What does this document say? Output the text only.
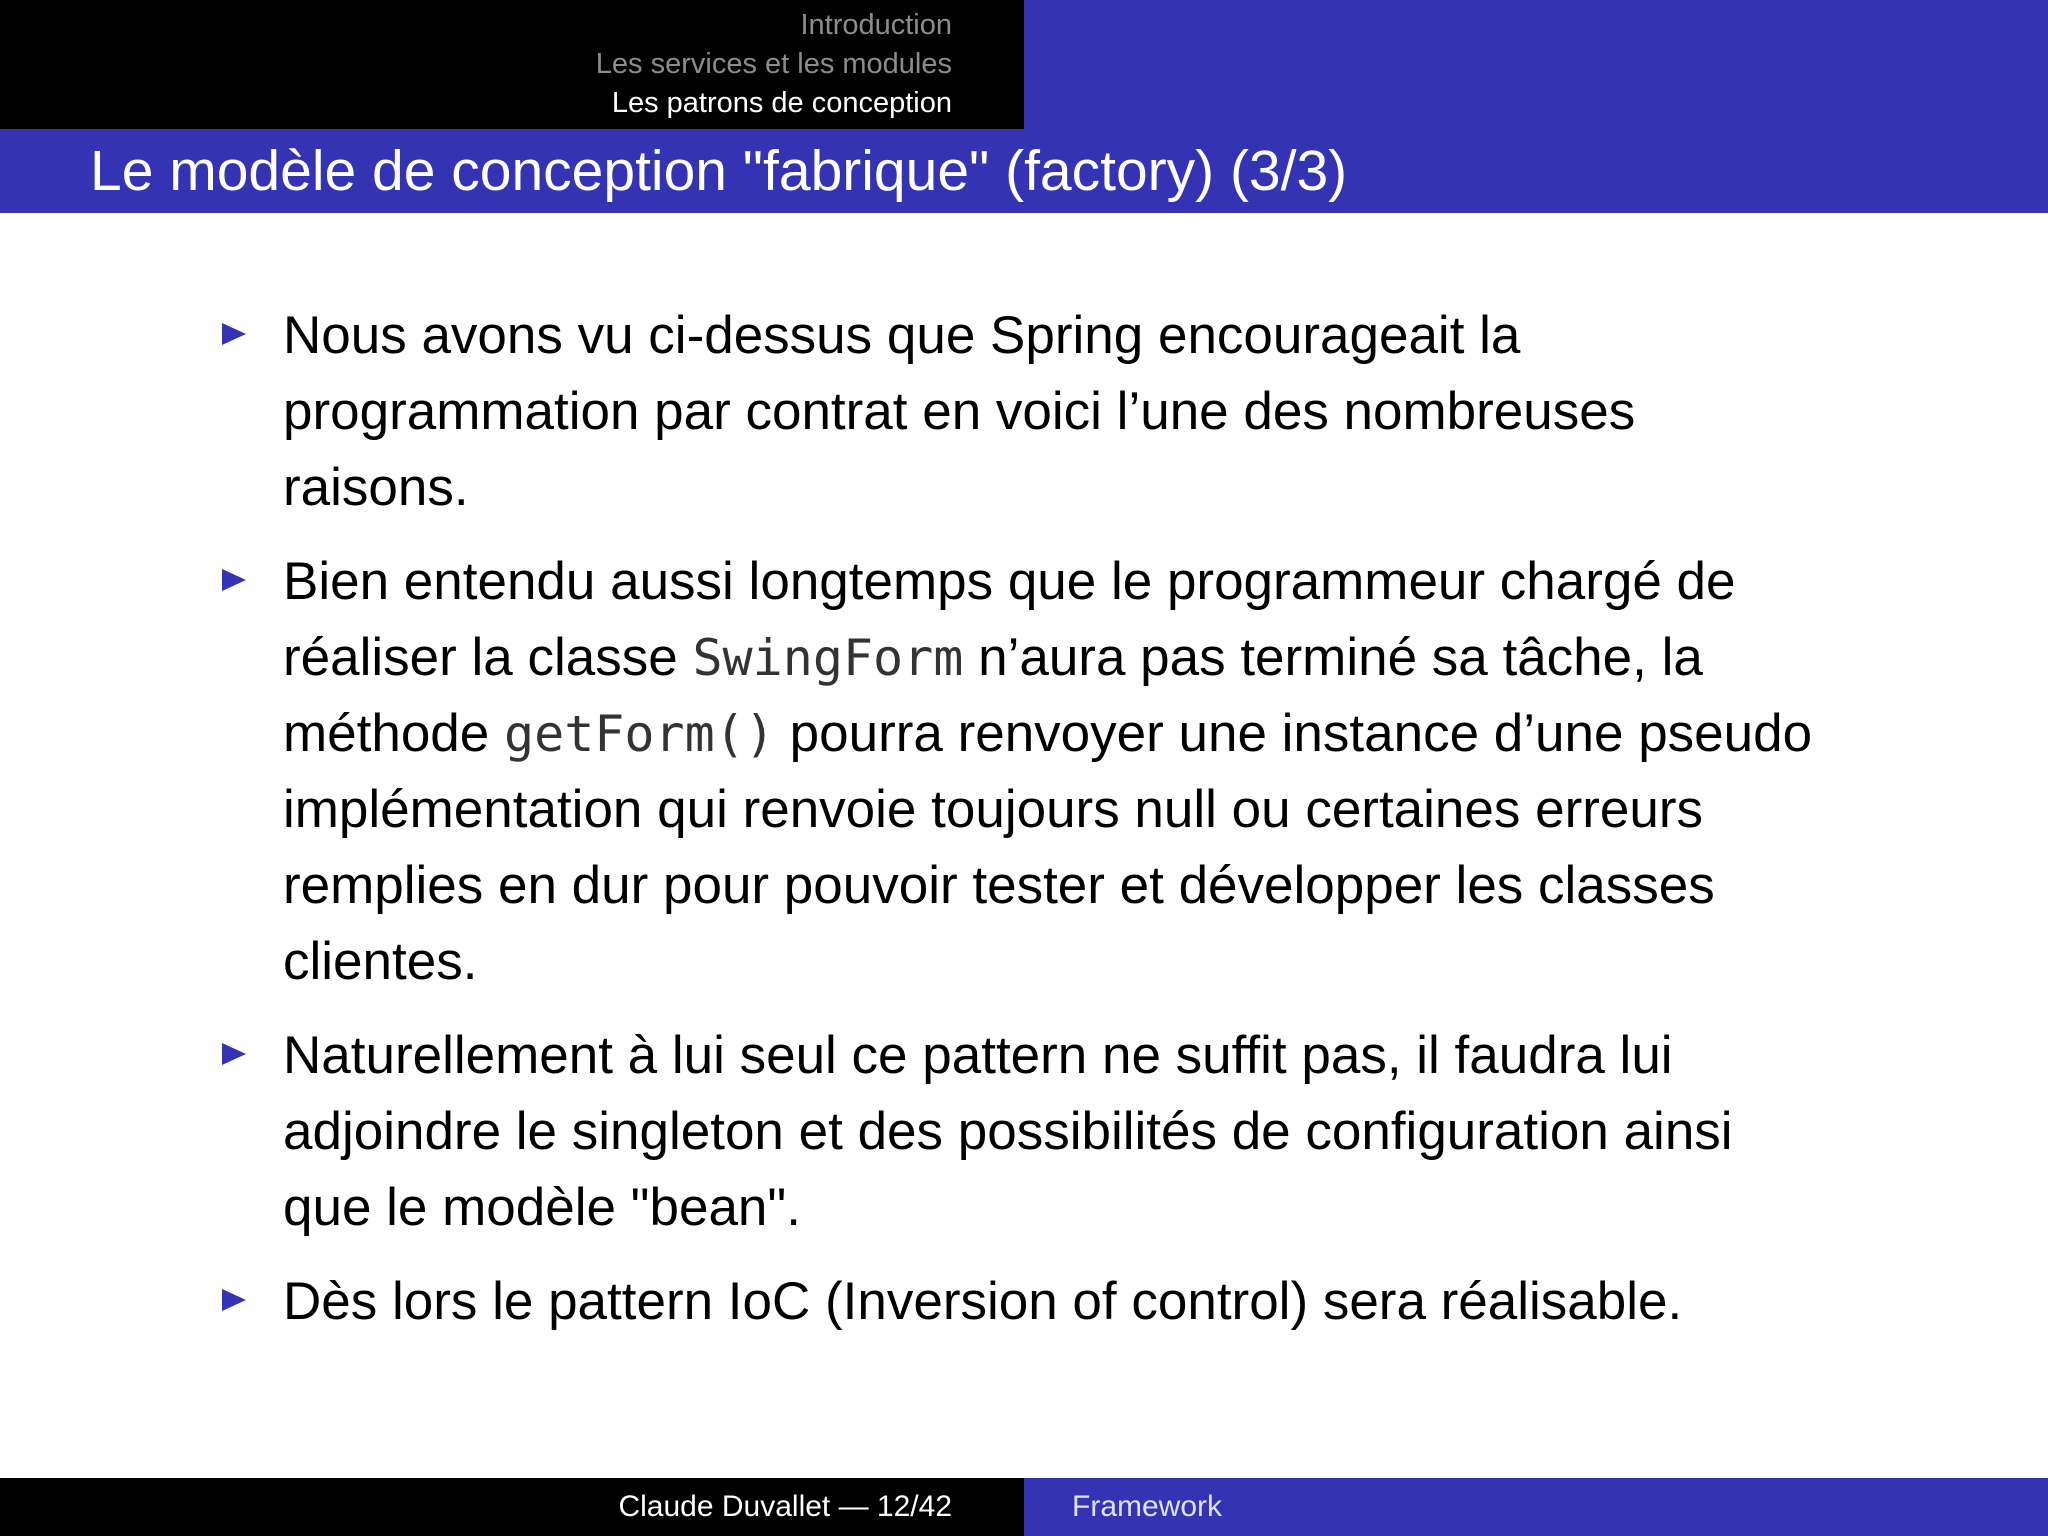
Introduction
Les services et les modules
Les patrons de conception
Le modèle de conception "fabrique" (factory) (3/3)
Nous avons vu ci-dessus que Spring encourageait la
programmation par contrat en voici l’une des nombreuses
raisons.
Bien entendu aussi longtemps que le programmeur chargé de
réaliser la classe SwingForm n’aura pas terminé sa tâche, la
méthode getForm() pourra renvoyer une instance d’une pseudo
implémentation qui renvoie toujours null ou certaines erreurs
remplies en dur pour pouvoir tester et développer les classes
clientes.
Naturellement à lui seul ce pattern ne suffit pas, il faudra lui
adjoindre le singleton et des possibilités de configuration ainsi
que le modèle "bean".
Dès lors le pattern IoC (Inversion of control) sera réalisable.
Claude Duvallet — 12/42	Framework
